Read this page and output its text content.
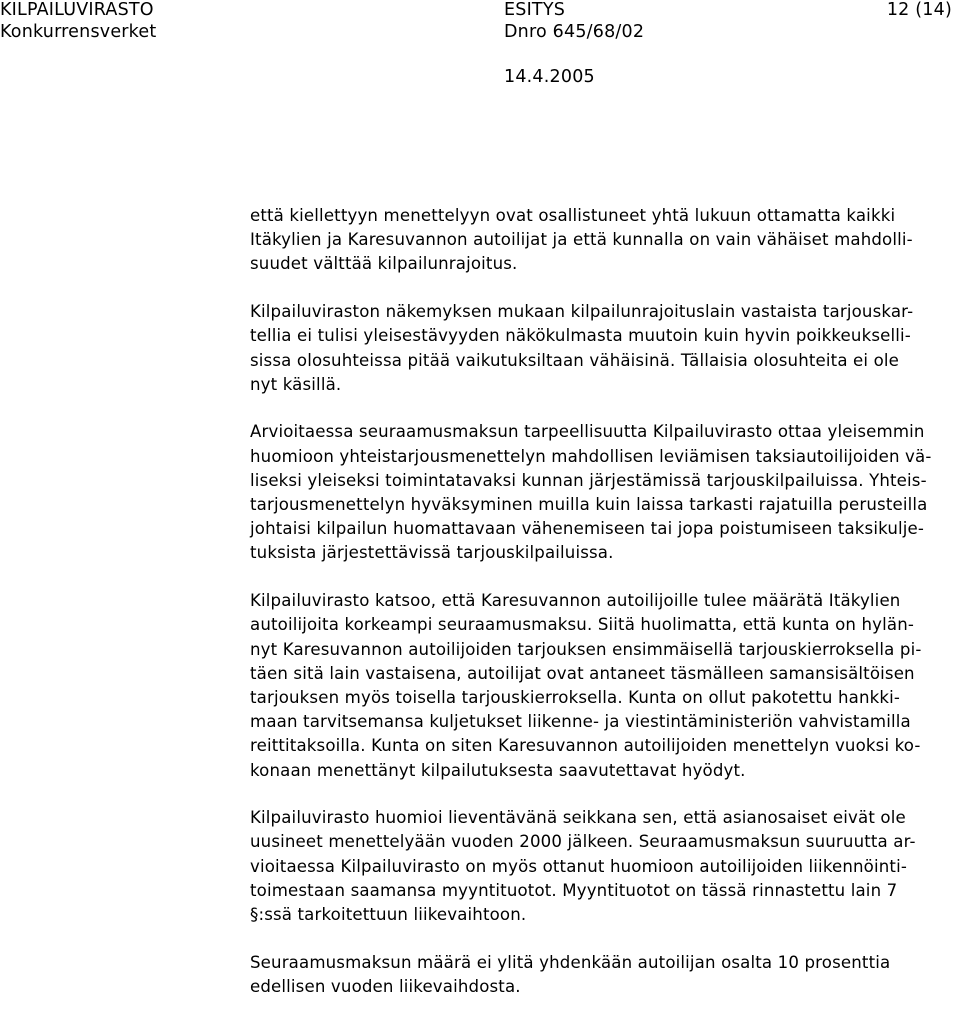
KILPAILUVIRASTO
Konkurrensverket
ESITYS
Dnro 645/68/02
12 (14)
14.4.2005
että kiellettyyn menettelyyn ovat osallistuneet yhtä lukuun ottamatta kaikki
Itäkylien ja Karesuvannon autoilijat ja että kunnalla on vain vähäiset mahdolli-
suudet välttää kilpailunrajoitus.
Kilpailuviraston näkemyksen mukaan kilpailunrajoituslain vastaista tarjouskar-
tellia ei tulisi yleisestävyyden näkökulmasta muutoin kuin hyvin poikkeukselli-
sissa olosuhteissa pitää vaikutuksiltaan vähäisinä. Tällaisia olosuhteita ei ole
nyt käsillä.
Arvioitaessa seuraamusmaksun tarpeellisuutta Kilpailuvirasto ottaa yleisemmin
huomioon yhteistarjousmenettelyn mahdollisen leviämisen taksiautoilijoiden vä-
liseksi yleiseksi toimintatavaksi kunnan järjestämissä tarjouskilpailuissa. Yhteis-
tarjousmenettelyn hyväksyminen muilla kuin laissa tarkasti rajatuilla perusteilla
johtaisi kilpailun huomattavaan vähenemiseen tai jopa poistumiseen taksikulje-
tuksista järjestettävissä tarjouskilpailuissa.
Kilpailuvirasto katsoo, että Karesuvannon autoilijoille tulee määrätä Itäkylien
autoilijoita korkeampi seuraamusmaksu. Siitä huolimatta, että kunta on hylän-
nyt Karesuvannon autoilijoiden tarjouksen ensimmäisellä tarjouskierroksella pi-
täen sitä lain vastaisena, autoilijat ovat antaneet täsmälleen samansisältöisen
tarjouksen myös toisella tarjouskierroksella. Kunta on ollut pakotettu hankki-
maan tarvitsemansa kuljetukset liikenne- ja viestintäministeriön vahvistamilla
reittitaksoilla. Kunta on siten Karesuvannon autoilijoiden menettelyn vuoksi ko-
konaan menettänyt kilpailutuksesta saavutettavat hyödyt.
Kilpailuvirasto huomioi lieventävänä seikkana sen, että asianosaiset eivät ole
uusineet menettelyään vuoden 2000 jälkeen. Seuraamusmaksun suuruutta ar-
vioitaessa Kilpailuvirasto on myös ottanut huomioon autoilijoiden liikennöinti-
toimestaan saamansa myyntituotot. Myyntituotot on tässä rinnastettu lain 7
§:ssä tarkoitettuun liikevaihtoon.
Seuraamusmaksun määrä ei ylitä yhdenkään autoilijan osalta 10 prosenttia
edellisen vuoden liikevaihdosta.
